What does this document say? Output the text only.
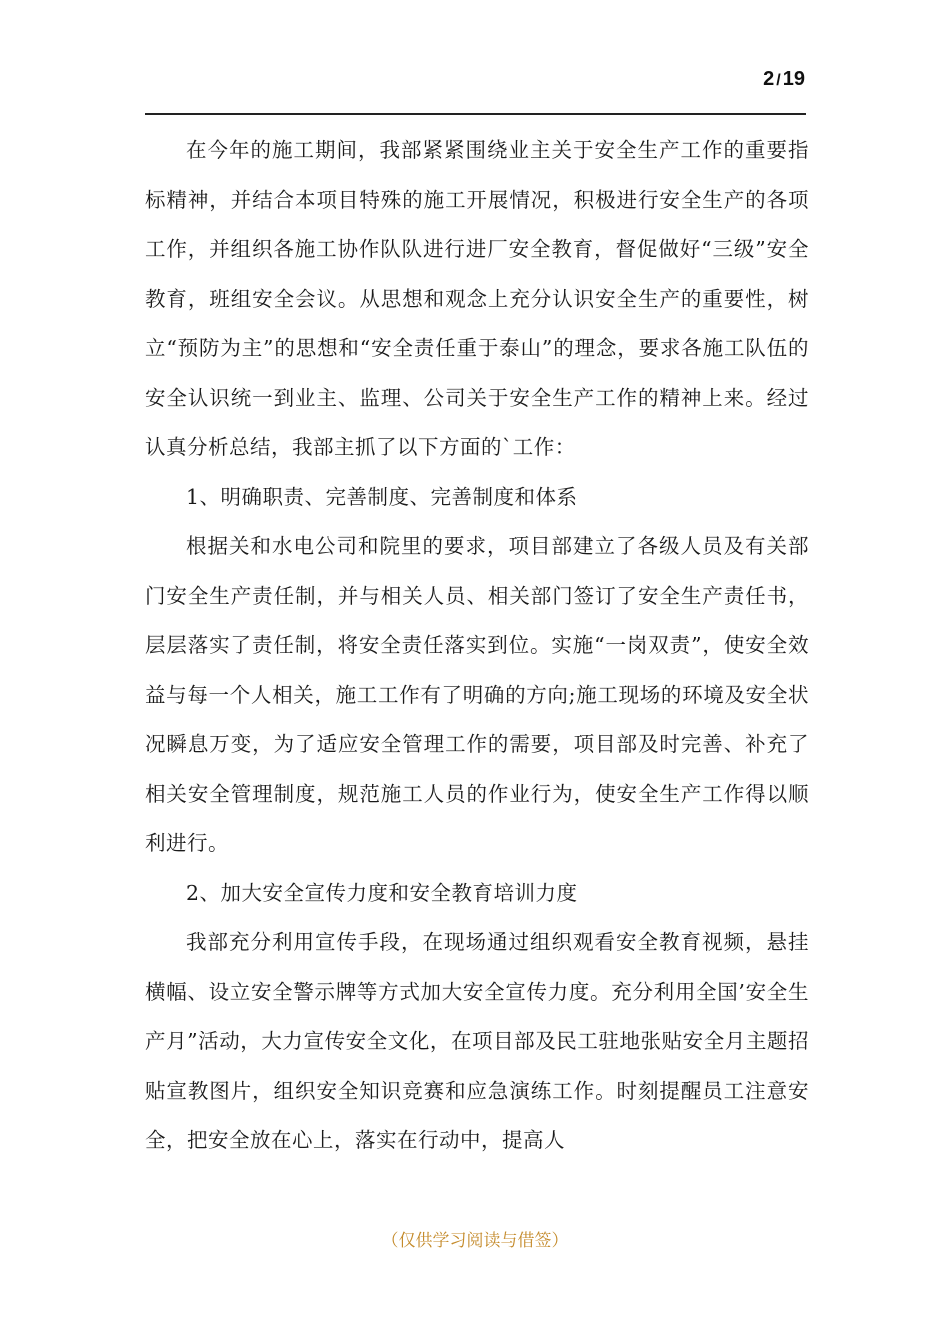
2 / 19

在今年的施工期间，我部紧紧围绕业主关于安全生产工作的重要指标精神，并结合本项目特殊的施工开展情况，积极进行安全生产的各项工作，并组织各施工协作队队进行进厂安全教育，督促做好“三级”安全教育，班组安全会议。从思想和观念上充分认识安全生产的重要性，树立“预防为主”的思想和“安全责任重于泰山”的理念，要求各施工队伍的安全认识统一到业主、监理、公司关于安全生产工作的精神上来。经过认真分析总结，我部主抓了以下方面的`工作：

1、明确职责、完善制度、完善制度和体系

根据关和水电公司和院里的要求，项目部建立了各级人员及有关部门安全生产责任制，并与相关人员、相关部门签订了安全生产责任书，层层落实了责任制，将安全责任落实到位。实施“一岗双责”，使安全效益与每一个人相关，施工工作有了明确的方向;施工现场的环境及安全状况瞬息万变，为了适应安全管理工作的需要，项目部及时完善、补充了相关安全管理制度，规范施工人员的作业行为，使安全生产工作得以顺利进行。

2、加大安全宣传力度和安全教育培训力度

我部充分利用宣传手段，在现场通过组织观看安全教育视频，悬挂横幅、设立安全警示牌等方式加大安全宣传力度。充分利用全国’安全生产月”活动，大力宣传安全文化，在项目部及民工驻地张贴安全月主题招贴宣教图片，组织安全知识竞赛和应急演练工作。时刻提醒员工注意安全，把安全放在心上，落实在行动中，提高人

（仅供学习阅读与借签）
